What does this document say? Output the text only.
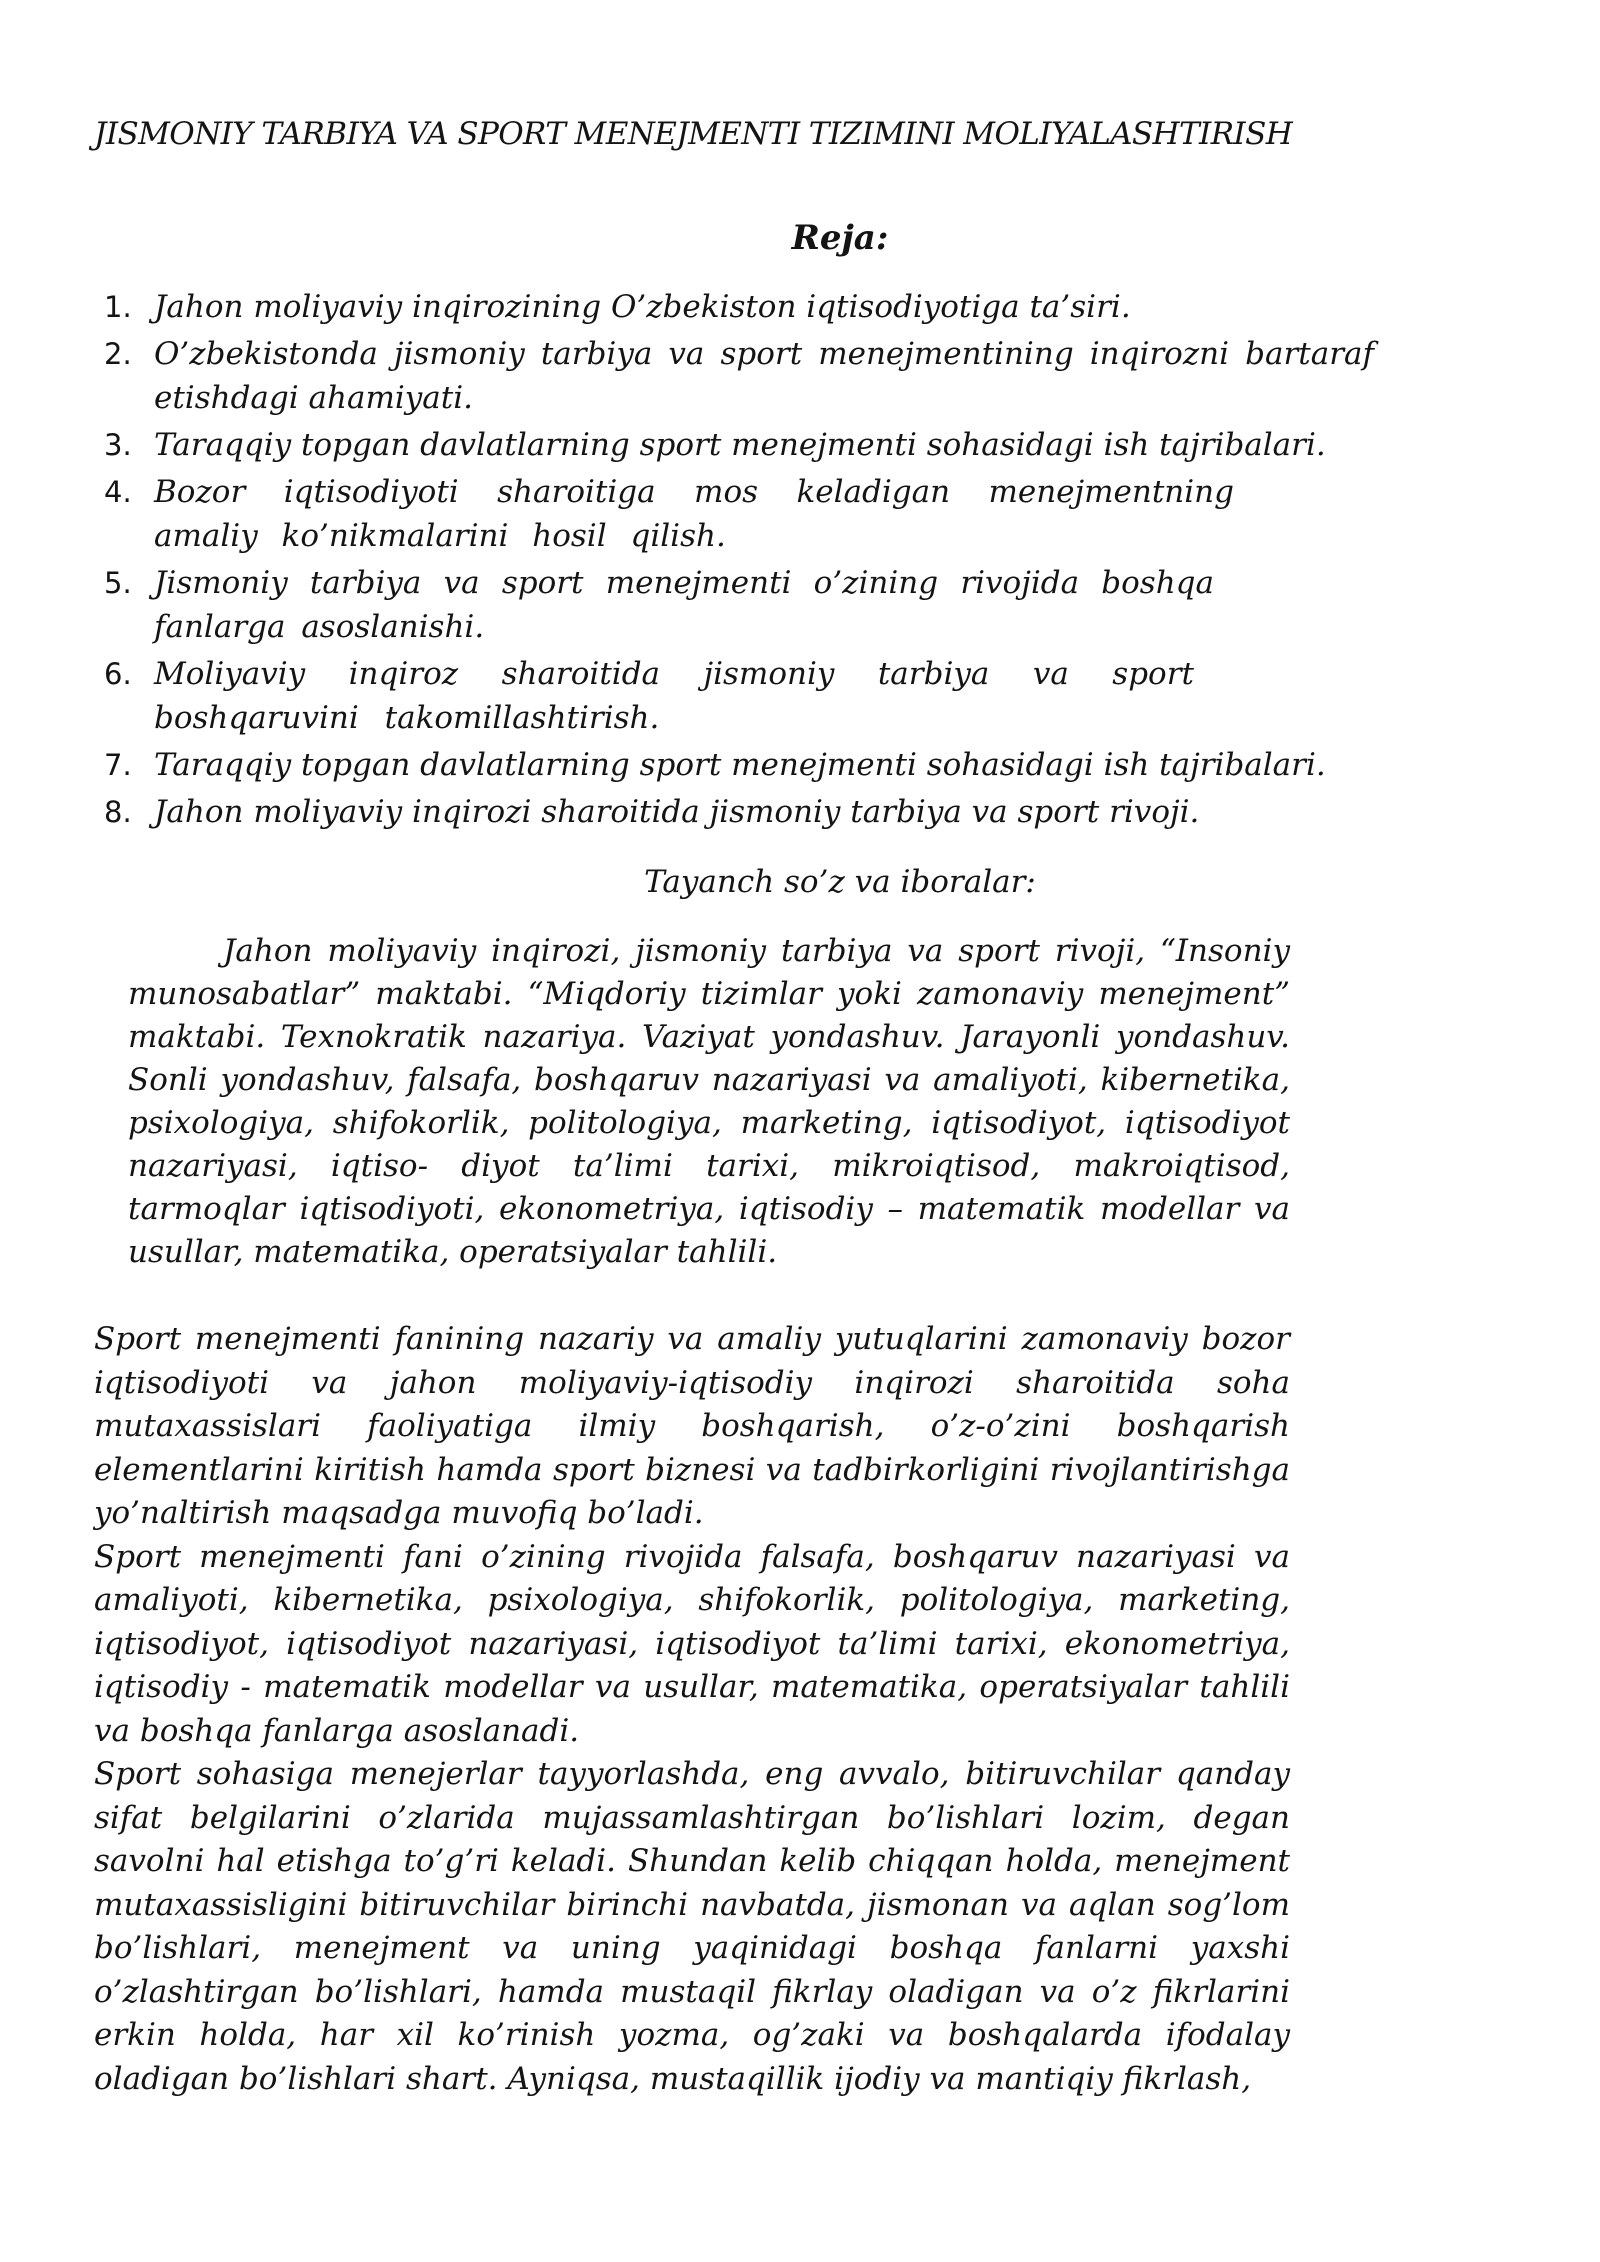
JISMONIY TARBIYA VA SPORT MENEJMENTI TIZIMINI MOLIYALASHTIRISH
Reja:
1. Jahon moliyaviy inqirozining O’zbekiston iqtisodiyotiga ta’siri.
2. O’zbekistonda jismoniy tarbiya va sport menejmentining inqirozni bartaraf etishdagi ahamiyati.
3. Taraqqiy topgan davlatlarning sport menejmenti sohasidagi ish tajribalari.
4. Bozor iqtisodiyoti sharoitiga mos keladigan menejmentning amaliy ko’nikmalarini hosil qilish.
5. Jismoniy tarbiya va sport menejmenti o’zining rivojida boshqa fanlarga asoslanishi.
6. Moliyaviy inqiroz sharoitida jismoniy tarbiya va sport boshqaruvini takomillashtirish.
7. Taraqqiy topgan davlatlarning sport menejmenti sohasidagi ish tajribalari.
8. Jahon moliyaviy inqirozi sharoitida jismoniy tarbiya va sport rivoji.
Tayanch so’z va iboralar:
Jahon moliyaviy inqirozi, jismoniy tarbiya va sport rivoji, “Insoniy munosabatlar” maktabi. “Miqdoriy tizimlar yoki zamonaviy menejment” maktabi. Texnokratik nazariya. Vaziyat yondashuv. Jarayonli yondashuv. Sonli yondashuv, falsafa, boshqaruv nazariyasi va amaliyoti, kibernetika, psixologiya, shifokorlik, politologiya, marketing, iqtisodiyot, iqtisodiyot nazariyasi, iqtiso- diyot ta’limi tarixi, mikroiqtisod, makroiqtisod, tarmoqlar iqtisodiyoti, ekonometriya, iqtisodiy – matematik modellar va usullar, matematika, operatsiyalar tahlili.

Sport menejmenti fanining nazariy va amaliy yutuqlarini zamonaviy bozor iqtisodiyoti va jahon moliyaviy-iqtisodiy inqirozi sharoitida soha mutaxassislari faoliyatiga ilmiy boshqarish, o’z-o’zini boshqarish elementlarini kiritish hamda sport biznesi va tadbirkorligini rivojlantirishga yo’naltirish maqsadga muvofiq bo’ladi.

Sport menejmenti fani o’zining rivojida falsafa, boshqaruv nazariyasi va amaliyoti, kibernetika, psixologiya, shifokorlik, politologiya, marketing, iqtisodiyot, iqtisodiyot nazariyasi, iqtisodiyot ta’limi tarixi, ekonometriya, iqtisodiy - matematik modellar va usullar, matematika, operatsiyalar tahlili va boshqa fanlarga asoslanadi.

Sport sohasiga menejerlar tayyorlashda, eng avvalo, bitiruvchilar qanday sifat belgilarini o’zlarida mujassamlashtirgan bo’lishlari lozim, degan savolni hal etishga to’g’ri keladi. Shundan kelib chiqqan holda, menejment mutaxassisligini bitiruvchilar birinchi navbatda, jismonan va aqlan sog’lom bo’lishlari, menejment va uning yaqinidagi boshqa fanlarni yaxshi o’zlashtirgan bo’lishlari, hamda mustaqil fikrlay oladigan va o’z fikrlarini erkin holda, har xil ko’rinish yozma, og’zaki va boshqalarda ifodalay oladigan bo’lishlari shart. Ayniqsa, mustaqillik ijodiy va mantiqiy fikrlash,
